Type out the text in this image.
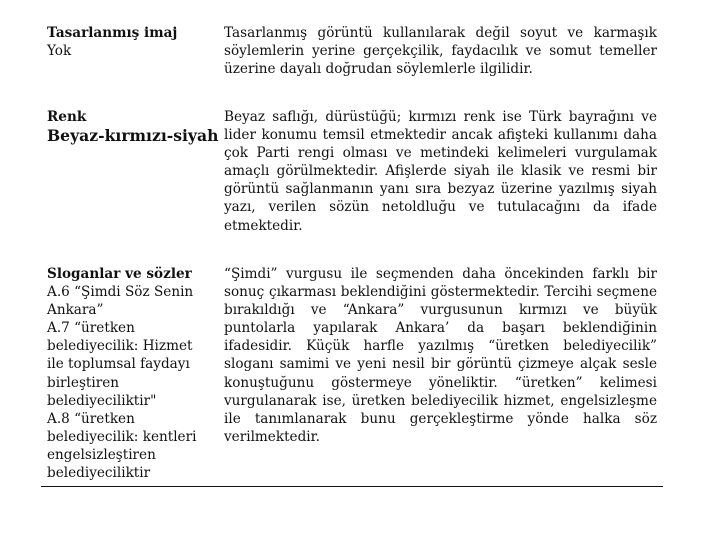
Tasarlanmış imaj
Yok
Tasarlanmış görüntü kullanılarak değil soyut ve karmaşık söylemlerin yerine gerçekçilik, faydacılık ve somut temeller üzerine dayalı doğrudan söylemlerle ilgilidir.
Renk
Beyaz-kırmızı-siyah
Beyaz saflığı, dürüstüğü; kırmızı renk ise Türk bayrağını ve lider konumu temsil etmektedir ancak afişteki kullanımı daha çok Parti rengi olması ve metindeki kelimeleri vurgulamak amaçlı görülmektedir. Afişlerde siyah ile klasik ve resmi bir görüntü sağlanmanın yanı sıra bezyaz üzerine yazılmış siyah yazı, verilen sözün netoldluğu ve tutulacağını da ifade etmektedir.
Sloganlar ve sözler
A.6 “Şimdi Söz Senin
Ankara”
A.7 “üretken
belediyecilik: Hizmet
ile toplumsal faydayı
birleştiren
belediyeciliktir"
A.8 “üretken
belediyecilik: kentleri
engelsizleştiren
belediyeciliktir
“Şimdi” vurgusu ile seçmenden daha öncekinden farklı bir sonuç çıkarması beklendiğini göstermektedir. Tercihi seçmene bırakıldığı ve “Ankara” vurgusunun kırmızı ve büyük puntolarla yapılarak Ankara’ da başarı beklendiğinin ifadesidir. Küçük harfle yazılmış “üretken belediyecilik” sloganı samimi ve yeni nesil bir görüntü çizmeye alçak sesle konuştuğunu göstermeye yöneliktir. “üretken” kelimesi vurgulanarak ise, üretken belediyecilik hizmet, engelsizleşme ile tanımlanarak bunu gerçekleştirme yönde halka söz verilmektedir.
